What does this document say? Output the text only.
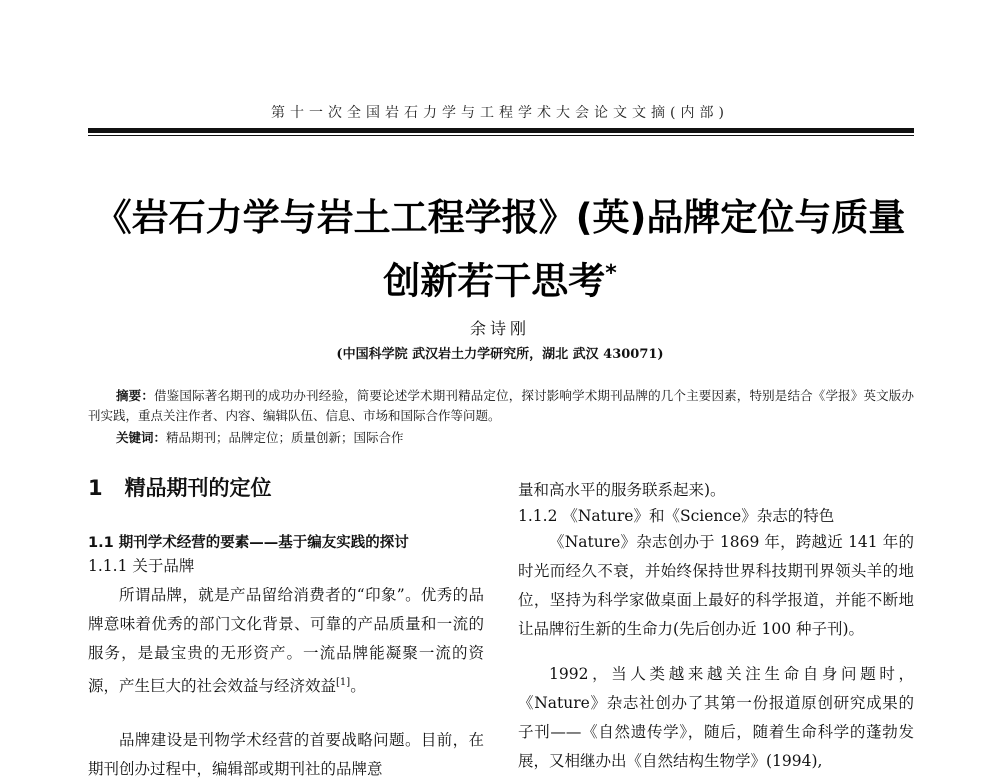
第十一次全国岩石力学与工程学术大会论文文摘(内部)
《岩石力学与岩土工程学报》(英)品牌定位与质量
创新若干思考*
余诗刚
(中国科学院 武汉岩土力学研究所，湖北 武汉 430071)
摘要：借鉴国际著名期刊的成功办刊经验，简要论述学术期刊精品定位，探讨影响学术期刊品牌的几个主要因素，特别是结合《学报》英文版办刊实践，重点关注作者、内容、编辑队伍、信息、市场和国际合作等问题。
关键词：精品期刊；品牌定位；质量创新；国际合作
1 精品期刊的定位
1.1 期刊学术经营的要素——基于编友实践的探讨
1.1.1 关于品牌
所谓品牌，就是产品留给消费者的“印象”。优秀的品牌意味着优秀的部门文化背景、可靠的产品质量和一流的服务，是最宝贵的无形资产。一流品牌能凝聚一流的资源，产生巨大的社会效益与经济效益[1]。
品牌建设是刊物学术经营的首要战略问题。目前，在期刊创办过程中，编辑部或期刊社的品牌意
量和高水平的服务联系起来)。
1.1.2 《Nature》和《Science》杂志的特色
《Nature》杂志创办于 1869 年，跨越近 141 年的时光而经久不衰，并始终保持世界科技期刊界领头羊的地位，坚持为科学家做桌面上最好的科学报道，并能不断地让品牌衍生新的生命力(先后创办近 100 种子刊)。
1992，当人类越来越关注生命自身问题时，《Nature》杂志社创办了其第一份报道原创研究成果的子刊——《自然遗传学》，随后，随着生命科学的蓬勃发展，又相继办出《自然结构生物学》(1994),
